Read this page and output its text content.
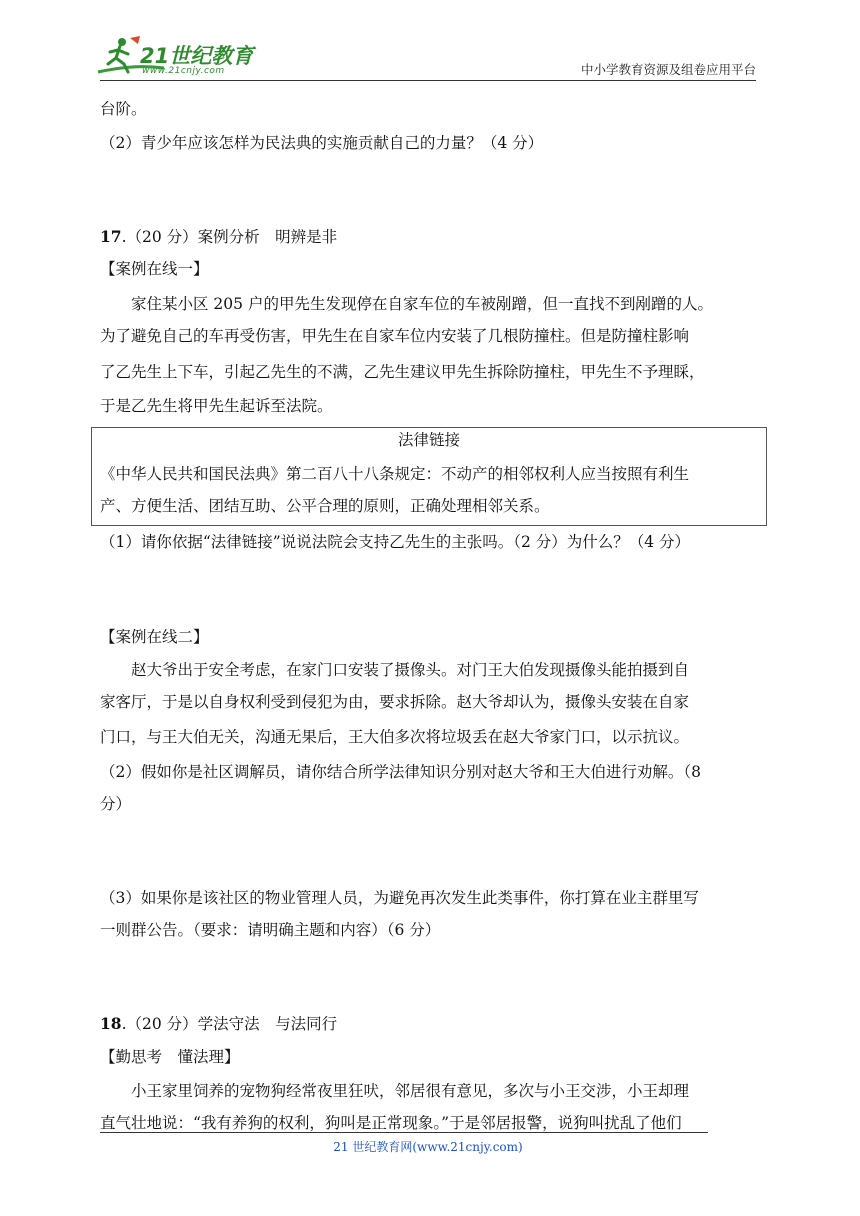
21世纪教育
www.21cnjy.com	中小学教育资源及组卷应用平台
台阶。
（2）青少年应该怎样为民法典的实施贡献自己的力量？（4 分）
17.（20 分）案例分析　明辨是非
【案例在线一】
家住某小区 205 户的甲先生发现停在自家车位的车被剐蹭，但一直找不到剐蹭的人。
为了避免自己的车再受伤害，甲先生在自家车位内安装了几根防撞柱。但是防撞柱影响
了乙先生上下车，引起乙先生的不满，乙先生建议甲先生拆除防撞柱，甲先生不予理睬，
于是乙先生将甲先生起诉至法院。
法律链接
《中华人民共和国民法典》第二百八十八条规定：不动产的相邻权利人应当按照有利生
产、方便生活、团结互助、公平合理的原则，正确处理相邻关系。
（1）请你依据“法律链接”说说法院会支持乙先生的主张吗。（2 分）为什么？（4 分）
【案例在线二】
赵大爷出于安全考虑，在家门口安装了摄像头。对门王大伯发现摄像头能拍摄到自
家客厅，于是以自身权利受到侵犯为由，要求拆除。赵大爷却认为，摄像头安装在自家
门口，与王大伯无关，沟通无果后，王大伯多次将垃圾丢在赵大爷家门口，以示抗议。
（2）假如你是社区调解员，请你结合所学法律知识分别对赵大爷和王大伯进行劝解。（8
分）
（3）如果你是该社区的物业管理人员，为避免再次发生此类事件，你打算在业主群里写
一则群公告。（要求：请明确主题和内容）（6 分）
18.（20 分）学法守法　与法同行
【勤思考　懂法理】
小王家里饲养的宠物狗经常夜里狂吠，邻居很有意见，多次与小王交涉，小王却理
直气壮地说：“我有养狗的权利，狗叫是正常现象。”于是邻居报警，说狗叫扰乱了他们
21 世纪教育网(www.21cnjy.com)
